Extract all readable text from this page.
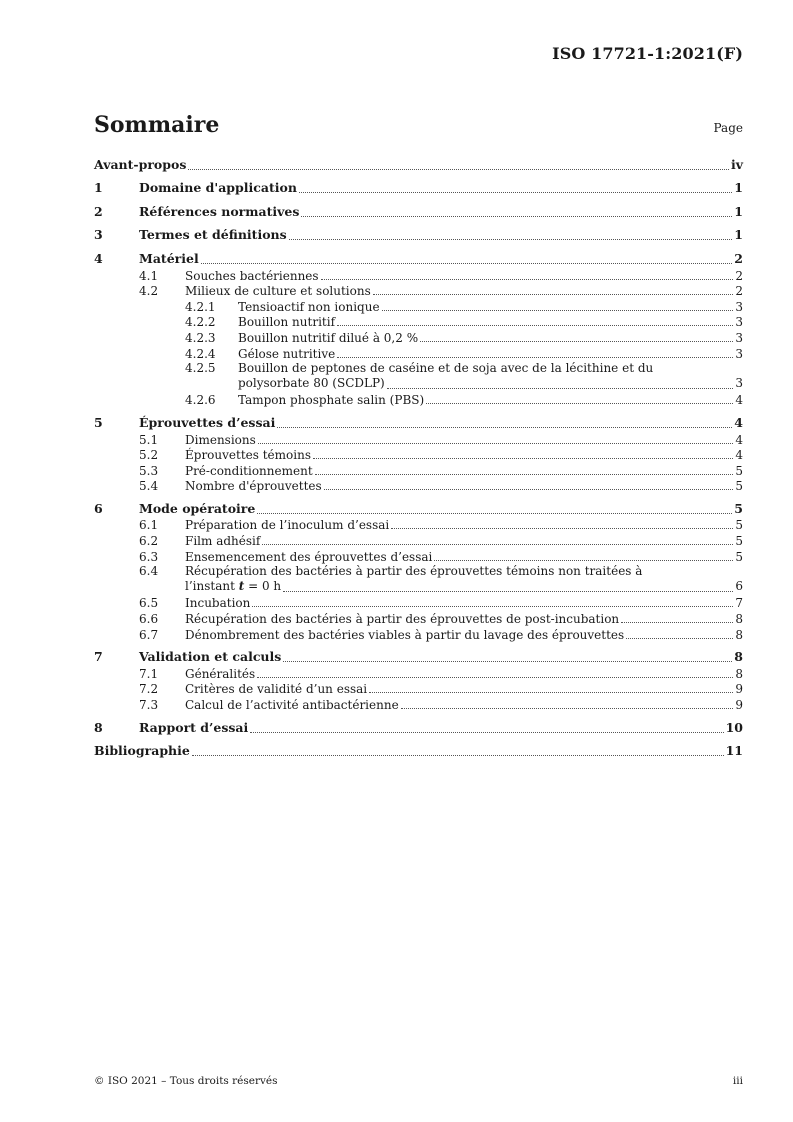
ISO 17721-1:2021(F)
Sommaire	Page
Avant-propos	iv
1	Domaine d'application	1
2	Références normatives	1
3	Termes et définitions	1
4	Matériel	2
4.1	Souches bactériennes	2
4.2	Milieux de culture et solutions	2
4.2.1	Tensioactif non ionique	3
4.2.2	Bouillon nutritif	3
4.2.3	Bouillon nutritif dilué à 0,2 %	3
4.2.4	Gélose nutritive	3
4.2.5	Bouillon de peptones de caséine et de soja avec de la lécithine et du
polysorbate 80 (SCDLP)	3
4.2.6	Tampon phosphate salin (PBS)	4
5	Éprouvettes d’essai	4
5.1	Dimensions	4
5.2	Éprouvettes témoins	4
5.3	Pré-conditionnement	5
5.4	Nombre d'éprouvettes	5
6	Mode opératoire	5
6.1	Préparation de l’inoculum d’essai	5
6.2	Film adhésif	5
6.3	Ensemencement des éprouvettes d’essai	5
6.4	Récupération des bactéries à partir des éprouvettes témoins non traitées à
l’instant t = 0 h	6
6.5	Incubation	7
6.6	Récupération des bactéries à partir des éprouvettes de post-incubation	8
6.7	Dénombrement des bactéries viables à partir du lavage des éprouvettes	8
7	Validation et calculs	8
7.1	Généralités	8
7.2	Critères de validité d’un essai	9
7.3	Calcul de l’activité antibactérienne	9
8	Rapport d’essai	10
Bibliographie	11
© ISO 2021 – Tous droits réservés	iii
